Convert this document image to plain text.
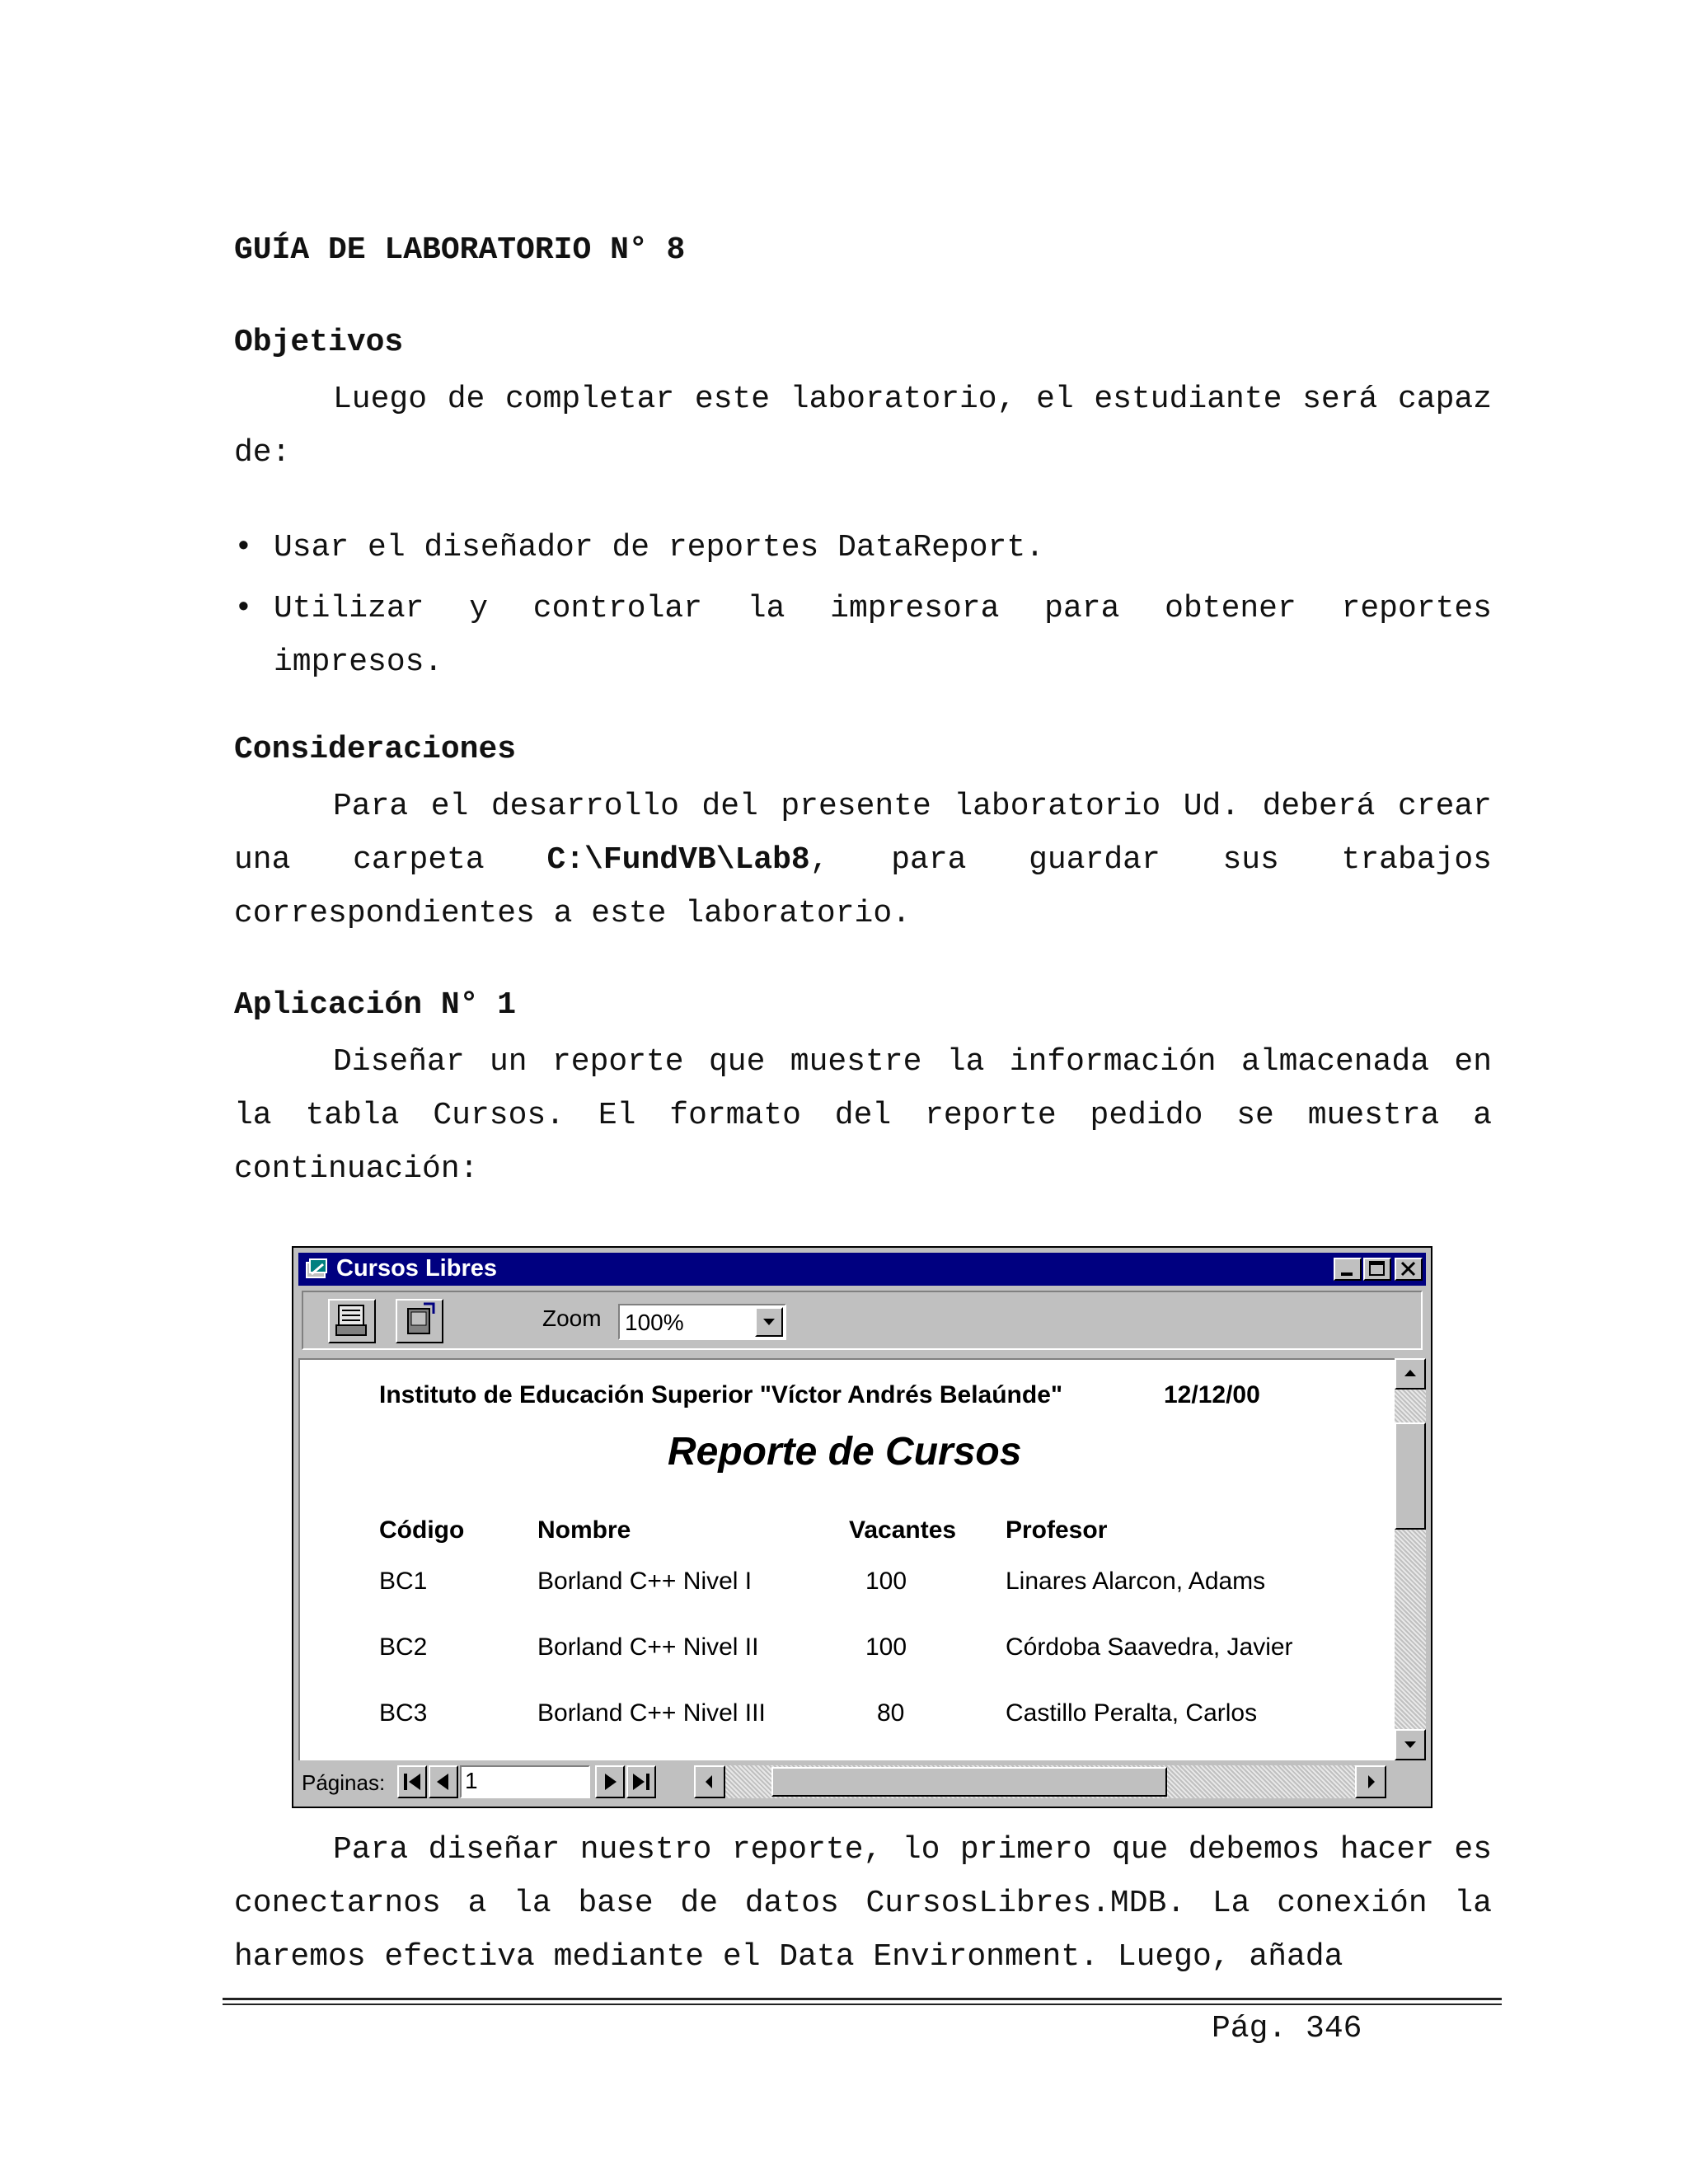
GUÍA DE LABORATORIO N° 8
Objetivos
Luego de completar este laboratorio, el estudiante será capaz de:
• Usar el diseñador de reportes DataReport.
• Utilizar y controlar la impresora para obtener reportes impresos.
Consideraciones
Para el desarrollo del presente laboratorio Ud. deberá crear una carpeta C:\FundVB\Lab8, para guardar sus trabajos correspondientes a este laboratorio.
Aplicación N° 1
Diseñar un reporte que muestre la información almacenada en la tabla Cursos. El formato del reporte pedido se muestra a continuación:
Cursos Libres
Zoom 100%
Instituto de Educación Superior "Víctor Andrés Belaúnde"	12/12/00
Reporte de Cursos
Código	Nombre	Vacantes Profesor
BC1	Borland C++ Nivel I	100	Linares Alarcon, Adams
BC2	Borland C++ Nivel II	100	Córdoba Saavedra, Javier
BC3	Borland C++ Nivel III	80	Castillo Peralta, Carlos
Páginas:	1
Para diseñar nuestro reporte, lo primero que debemos hacer es conectarnos a la base de datos CursosLibres.MDB. La conexión la haremos efectiva mediante el Data Environment. Luego, añada
Pág. 346
